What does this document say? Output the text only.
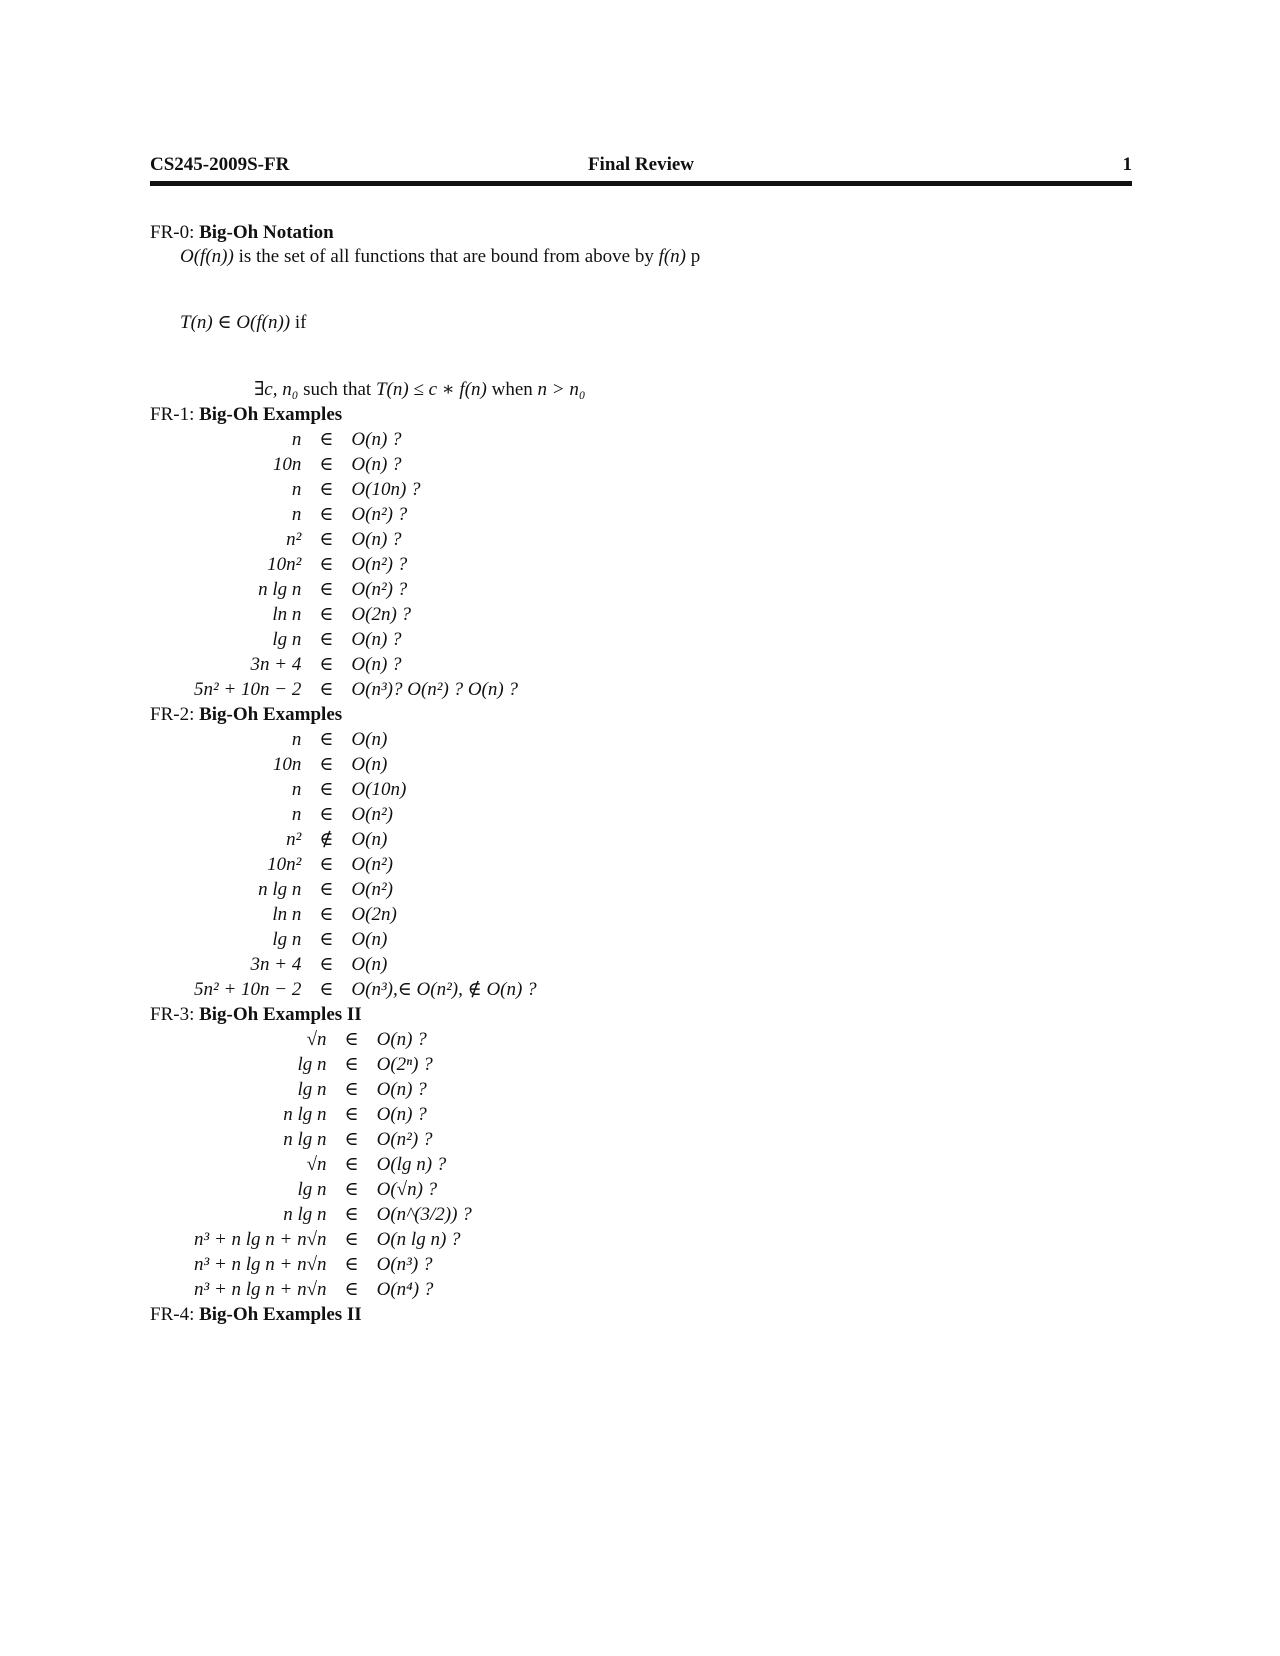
CS245-2009S-FR	Final Review	1
FR-0: Big-Oh Notation
O(f(n)) is the set of all functions that are bound from above by f(n) p
T(n) ∈ O(f(n)) if
∃c, n₀ such that T(n) ≤ c ∗ f(n) when n > n₀
FR-1: Big-Oh Examples
n	∈	O(n) ?
10n	∈	O(n) ?
n	∈	O(10n) ?
n	∈	O(n²) ?
n²	∈	O(n) ?
10n²	∈	O(n²) ?
n lg n	∈	O(n²) ?
ln n	∈	O(2n) ?
lg n	∈	O(n) ?
3n + 4	∈	O(n) ?
5n² + 10n − 2	∈	O(n³)? O(n²) ? O(n) ?
FR-2: Big-Oh Examples
n	∈	O(n)
10n	∈	O(n)
n	∈	O(10n)
n	∈	O(n²)
n²	∉	O(n)
10n²	∈	O(n²)
n lg n	∈	O(n²)
ln n	∈	O(2n)
lg n	∈	O(n)
3n + 4	∈	O(n)
5n² + 10n − 2	∈	O(n³),∈ O(n²), ∉ O(n) ?
FR-3: Big-Oh Examples II
√n	∈	O(n) ?
lg n	∈	O(2ⁿ) ?
lg n	∈	O(n) ?
n lg n	∈	O(n) ?
n lg n	∈	O(n²) ?
√n	∈	O(lg n) ?
lg n	∈	O(√n) ?
n lg n	∈	O(n^(3/2)) ?
n³ + n lg n + n√n	∈	O(n lg n) ?
n³ + n lg n + n√n	∈	O(n³) ?
n³ + n lg n + n√n	∈	O(n⁴) ?
FR-4: Big-Oh Examples II
